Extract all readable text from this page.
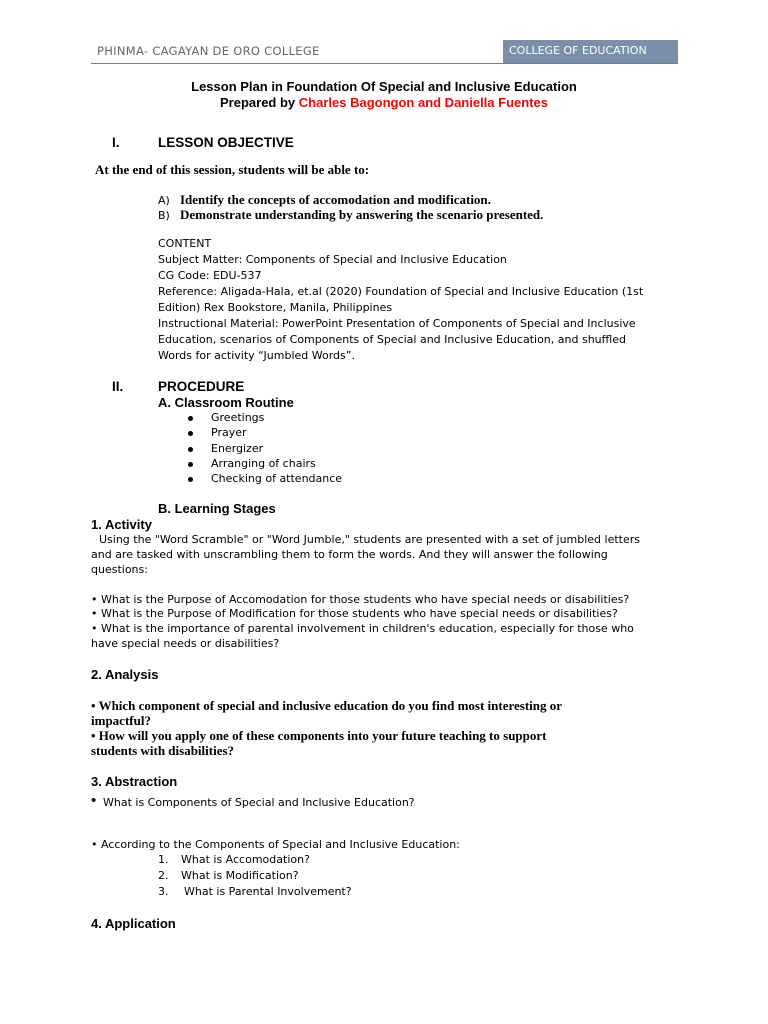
PHINMA- CAGAYAN DE ORO COLLEGE	COLLEGE OF EDUCATION
Lesson Plan in Foundation Of Special and Inclusive Education
Prepared by Charles Bagongon and Daniella Fuentes
I.	LESSON OBJECTIVE
At the end of this session, students will be able to:
A) Identify the concepts of accomodation and modification.
B) Demonstrate understanding by answering the scenario presented.
CONTENT
Subject Matter: Components of Special and Inclusive Education
CG Code: EDU-537
Reference: Aligada-Hala, et.al (2020) Foundation of Special and Inclusive Education (1st
Edition) Rex Bookstore, Manila, Philippines
Instructional Material: PowerPoint Presentation of Components of Special and Inclusive
Education, scenarios of Components of Special and Inclusive Education, and shuffled
Words for activity “Jumbled Words”.
II.	PROCEDURE
A. Classroom Routine
Greetings
Prayer
Energizer
Arranging of chairs
Checking of attendance
B. Learning Stages
1. Activity
Using the "Word Scramble" or "Word Jumble," students are presented with a set of jumbled letters
and are tasked with unscrambling them to form the words. And they will answer the following
questions:
• What is the Purpose of Accomodation for those students who have special needs or disabilities?
• What is the Purpose of Modification for those students who have special needs or disabilities?
• What is the importance of parental involvement in children's education, especially for those who
have special needs or disabilities?
2. Analysis
• Which component of special and inclusive education do you find most interesting or
impactful?
• How will you apply one of these components into your future teaching to support
students with disabilities?
3. Abstraction
• What is Components of Special and Inclusive Education?
• According to the Components of Special and Inclusive Education:
1. What is Accomodation?
2. What is Modification?
3. What is Parental Involvement?
4. Application
